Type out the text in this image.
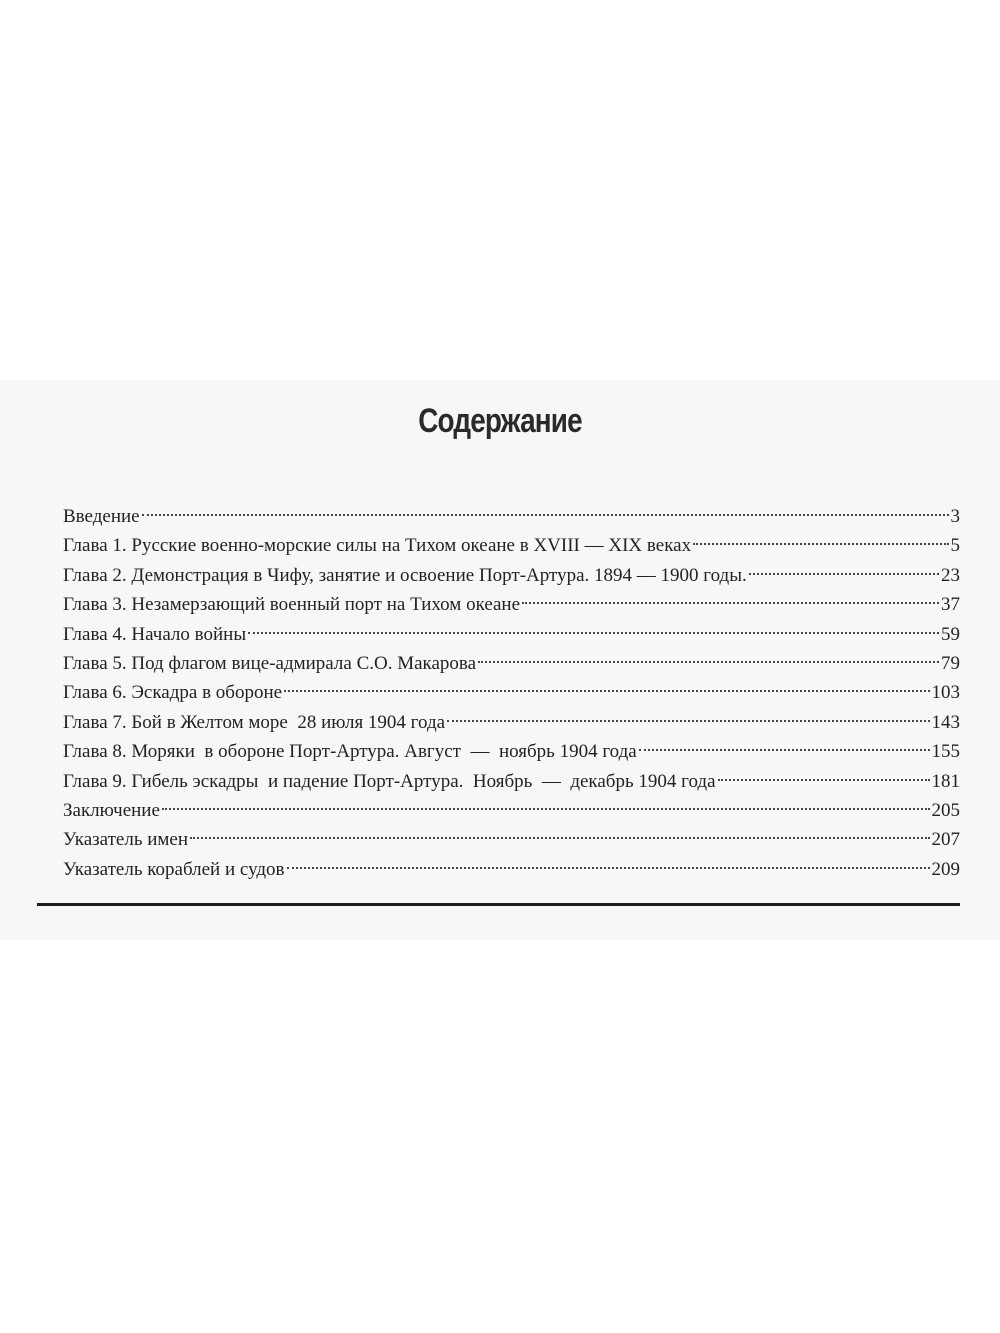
Содержание
Введение	3
Глава 1. Русские военно-морские силы на Тихом океане в XVIII — XIX веках	5
Глава 2. Демонстрация в Чифу, занятие и освоение Порт-Артура. 1894 — 1900 годы.	23
Глава 3. Незамерзающий военный порт на Тихом океане	37
Глава 4. Начало войны	59
Глава 5. Под флагом вице-адмирала С.О. Макарова	79
Глава 6. Эскадра в обороне	103
Глава 7. Бой в Желтом море  28 июля 1904 года	143
Глава 8. Моряки  в обороне Порт-Артура. Август  —  ноябрь 1904 года	155
Глава 9. Гибель эскадры  и падение Порт-Артура.  Ноябрь  —  декабрь 1904 года	181
Заключение	205
Указатель имен	207
Указатель кораблей и судов	209
